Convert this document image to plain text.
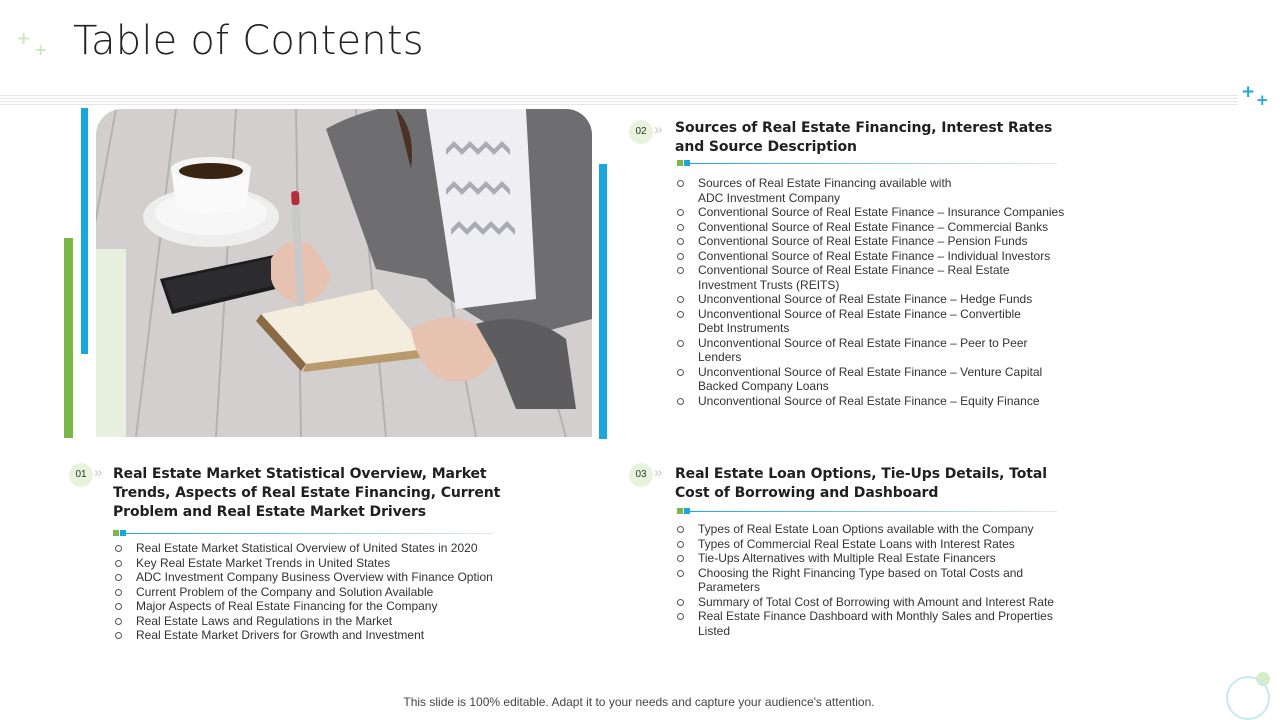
Table of Contents
+
+
+ +
01 » Real Estate Market Statistical Overview, Market Trends, Aspects of Real Estate Financing, Current Problem and Real Estate Market Drivers
Real Estate Market Statistical Overview of United States in 2020
Key Real Estate Market Trends in United States
ADC Investment Company Business Overview with Finance Option
Current Problem of the Company and Solution Available
Major Aspects of Real Estate Financing for the Company
Real Estate Laws and Regulations in the Market
Real Estate Market Drivers for Growth and Investment
02 » Sources of Real Estate Financing, Interest Rates and Source Description
Sources of Real Estate Financing available with ADC Investment Company
Conventional Source of Real Estate Finance – Insurance Companies
Conventional Source of Real Estate Finance – Commercial Banks
Conventional Source of Real Estate Finance – Pension Funds
Conventional Source of Real Estate Finance – Individual Investors
Conventional Source of Real Estate Finance – Real Estate Investment Trusts (REITS)
Unconventional Source of Real Estate Finance – Hedge Funds
Unconventional Source of Real Estate Finance – Convertible Debt Instruments
Unconventional Source of Real Estate Finance – Peer to Peer Lenders
Unconventional Source of Real Estate Finance – Venture Capital Backed Company Loans
Unconventional Source of Real Estate Finance – Equity Finance
03 » Real Estate Loan Options, Tie-Ups Details, Total Cost of Borrowing and Dashboard
Types of Real Estate Loan Options available with the Company
Types of Commercial Real Estate Loans with Interest Rates
Tie-Ups Alternatives with Multiple Real Estate Financers
Choosing the Right Financing Type based on Total Costs and Parameters
Summary of Total Cost of Borrowing with Amount and Interest Rate
Real Estate Finance Dashboard with Monthly Sales and Properties Listed

This slide is 100% editable. Adapt it to your needs and capture your audience's attention.
